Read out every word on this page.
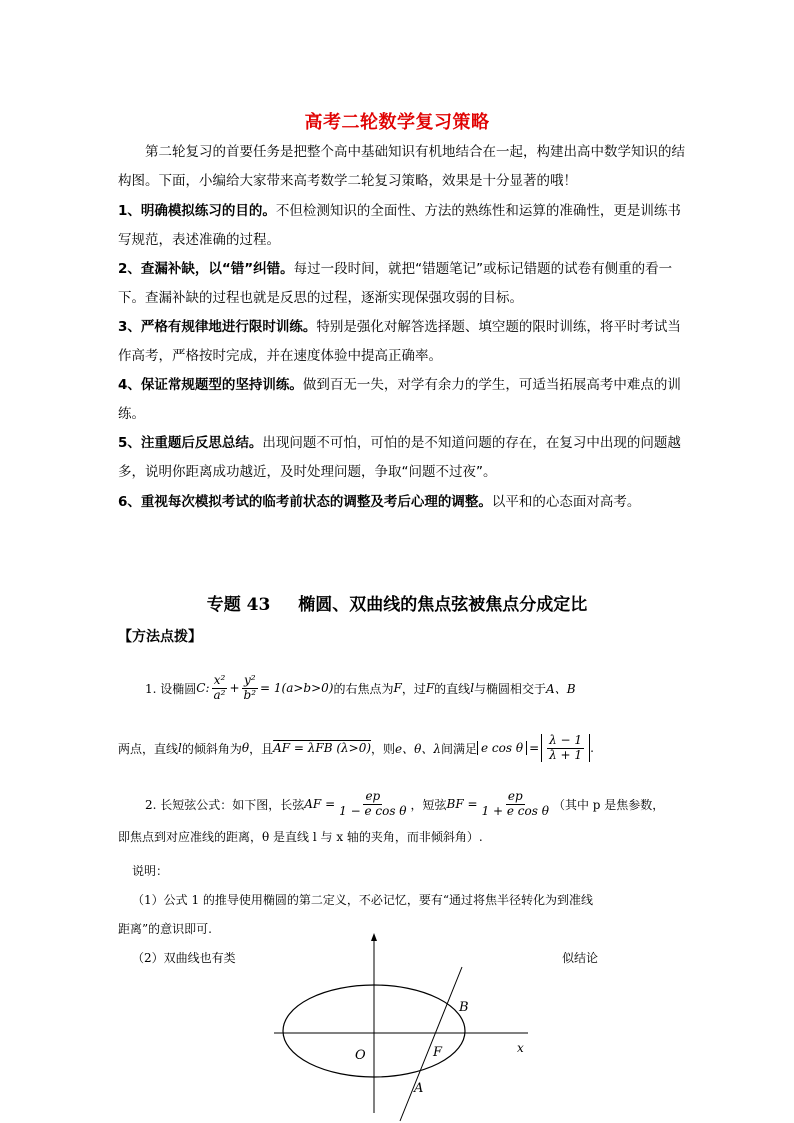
高考二轮数学复习策略
第二轮复习的首要任务是把整个高中基础知识有机地结合在一起，构建出高中数学知识的结构图。下面，小编给大家带来高考数学二轮复习策略，效果是十分显著的哦！
1、明确模拟练习的目的。不但检测知识的全面性、方法的熟练性和运算的准确性，更是训练书写规范，表述准确的过程。
2、查漏补缺，以“错”纠错。每过一段时间，就把“错题笔记”或标记错题的试卷有侧重的看一下。查漏补缺的过程也就是反思的过程，逐渐实现保强攻弱的目标。
3、严格有规律地进行限时训练。特别是强化对解答选择题、填空题的限时训练，将平时考试当作高考，严格按时完成，并在速度体验中提高正确率。
4、保证常规题型的坚持训练。做到百无一失，对学有余力的学生，可适当拓展高考中难点的训练。
5、注重题后反思总结。出现问题不可怕，可怕的是不知道问题的存在，在复习中出现的问题越多，说明你距离成功越近，及时处理问题，争取“问题不过夜”。
6、重视每次模拟考试的临考前状态的调整及考后心理的调整。以平和的心态面对高考。
专题 43 椭圆、双曲线的焦点弦被焦点分成定比
【方法点拨】
1. 设椭圆 C: $\frac{\text{x²}}{\text{a²}} + \frac{\text{y²}}{\text{b²}} = 1(a>b>0)$ 的右焦点为 F ，过 F 的直线 l 与椭圆相交于 A、B
两点，直线 l 的倾斜角为 θ ，且 AF = λFB (λ>0) ，则 e、θ、λ 间满足 e $\cos \theta = \frac{\lambda - 1}{\lambda + 1}$ .
2. 长短弦公式：如下图，长弦 AF = $\frac{ep}{\text{1 − e cos θ}}$ ，短弦 BF = $\frac{ep}{\text{1 + e cos θ}}$ （其中 p 是焦参数，
即焦点到对应准线的距离，θ 是直线 l 与 x 轴的夹角，而非倾斜角）.
说明：
（1）公式 1 的推导使用椭圆的第二定义，不必记忆，要有“通过将焦半径转化为到准线
距离”的意识即可.
（2）双曲线也有类	似结论
B
O	F
A
x
